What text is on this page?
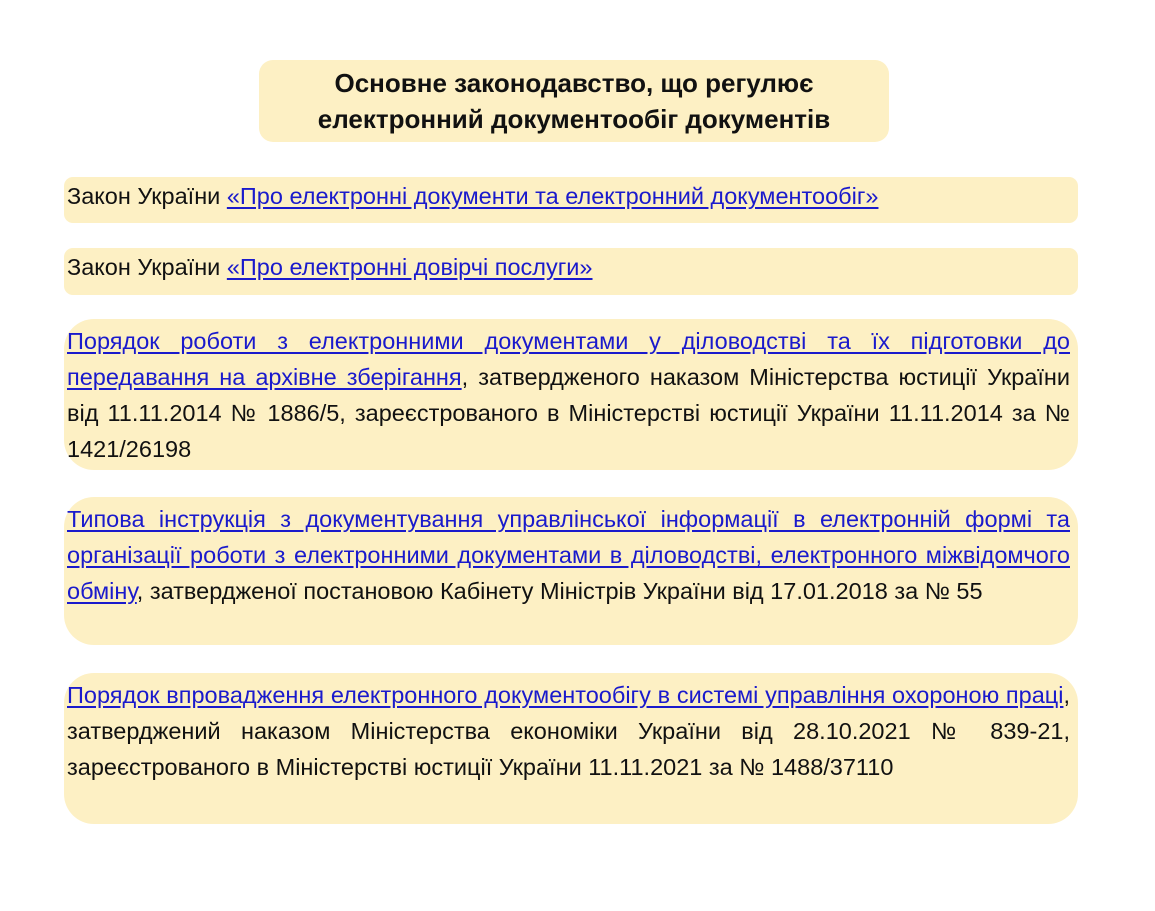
Основне законодавство, що регулює
електронний документообіг документів
Закон України «Про електронні документи та електронний документообіг»
Закон України «Про електронні довірчі послуги»
Порядок роботи з електронними документами у діловодстві та їх підготовки до передавання на архівне зберігання, затвердженого наказом Міністерства юстиції України від 11.11.2014 № 1886/5, зареєстрованого в Міністерстві юстиції України 11.11.2014 за № 1421/26198
Типова інструкція з документування управлінської інформації в електронній формі та організації роботи з електронними документами в діловодстві, електронного міжвідомчого обміну, затвердженої постановою Кабінету Міністрів України від 17.01.2018 за № 55
Порядок впровадження електронного документообігу в системі управління охороною праці, затверджений наказом Міністерства економіки України від 28.10.2021 № 839-21, зареєстрованого в Міністерстві юстиції України 11.11.2021 за № 1488/37110
